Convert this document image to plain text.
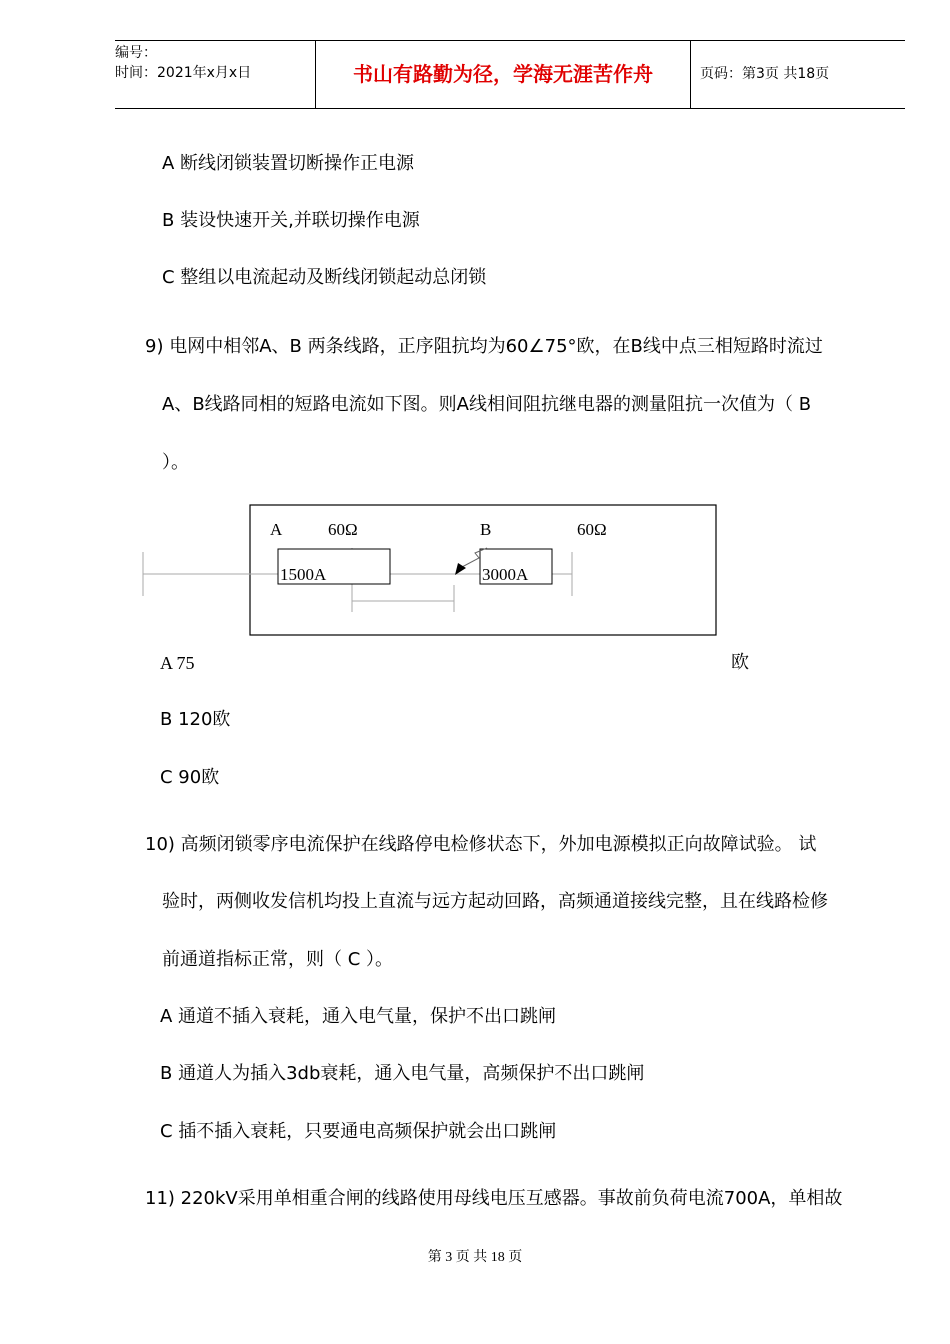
编号：
时间：2021年x月x日	书山有路勤为径，学海无涯苦作舟	页码：第3页 共18页
A 断线闭锁装置切断操作正电源
B 装设快速开关,并联切操作电源
C 整组以电流起动及断线闭锁起动总闭锁
9) 电网中相邻A、B 两条线路，正序阻抗均为60∠75°欧，在B线中点三相短路时流过
A、B线路同相的短路电流如下图。则A线相间阻抗继电器的测量阻抗一次值为（ B
）。
A	60Ω	B	60Ω
1500A	3000A
A 75	欧
B 120欧
C 90欧
10) 高频闭锁零序电流保护在线路停电检修状态下，外加电源模拟正向故障试验。 试
验时，两侧收发信机均投上直流与远方起动回路，高频通道接线完整，且在线路检修
前通道指标正常，则（ C ）。
A 通道不插入衰耗，通入电气量，保护不出口跳闸
B 通道人为插入3db衰耗，通入电气量，高频保护不出口跳闸
C 插不插入衰耗，只要通电高频保护就会出口跳闸
11) 220kV采用单相重合闸的线路使用母线电压互感器。事故前负荷电流700A，单相故
第 3 页 共 18 页
